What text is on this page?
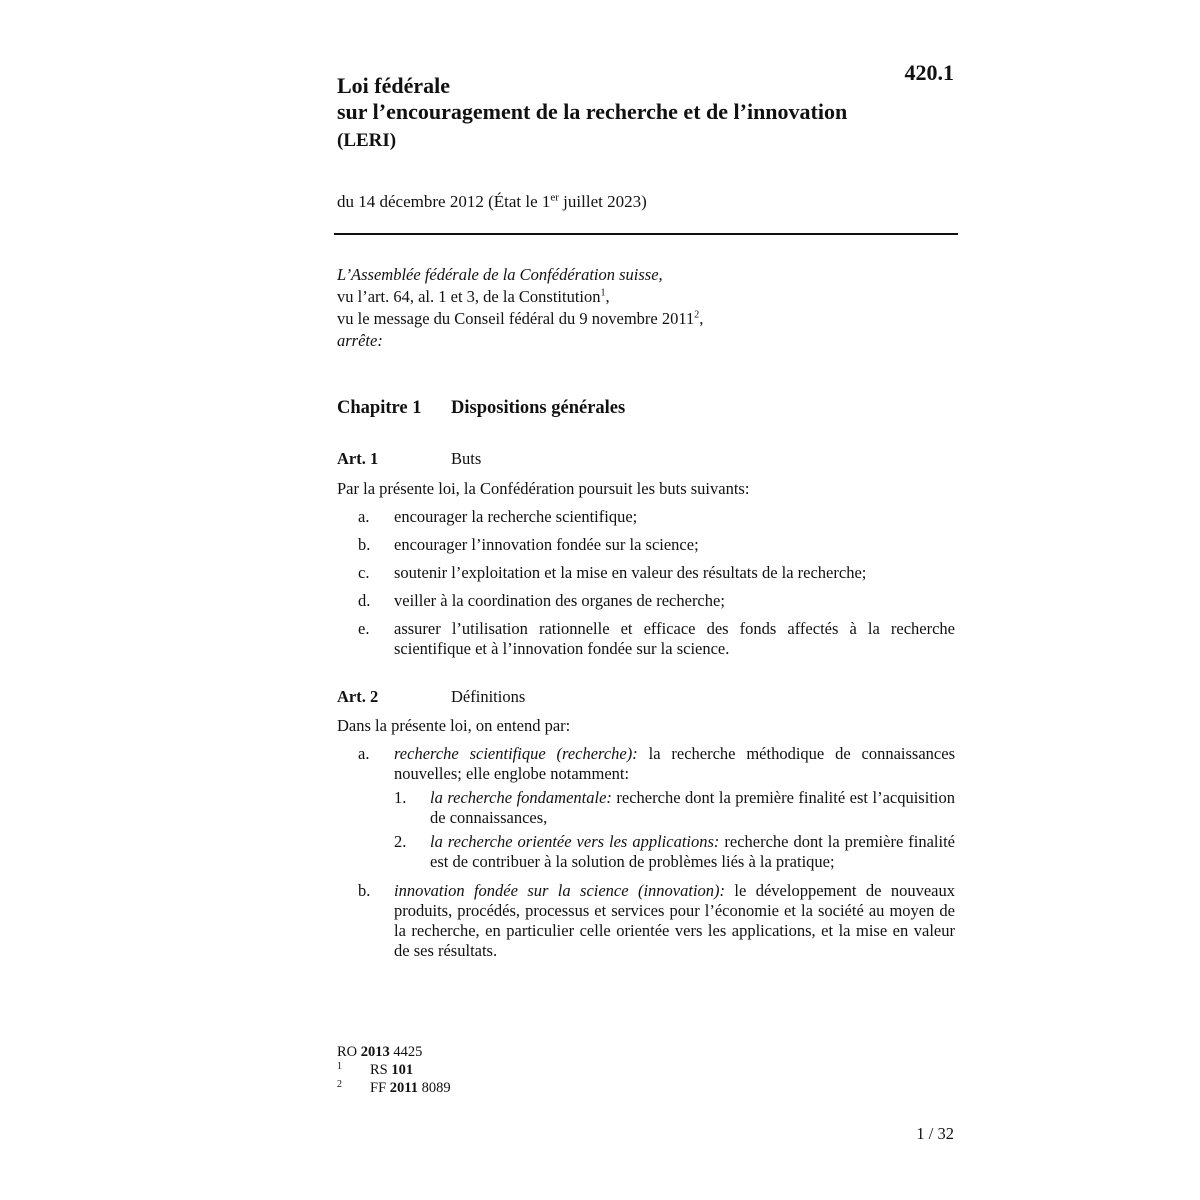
420.1
Loi fédérale
sur l’encouragement de la recherche et de l’innovation
(LERI)
du 14 décembre 2012 (État le 1er juillet 2023)
L’Assemblée fédérale de la Confédération suisse,
vu l’art. 64, al. 1 et 3, de la Constitution$^1$,
vu le message du Conseil fédéral du 9 novembre 2011$^2$,
arrête:
Chapitre 1 Dispositions générales
Art. 1	Buts
Par la présente loi, la Confédération poursuit les buts suivants:
a. encourager la recherche scientifique;
b. encourager l’innovation fondée sur la science;
c. soutenir l’exploitation et la mise en valeur des résultats de la recherche;
d. veiller à la coordination des organes de recherche;
e. assurer l’utilisation rationnelle et efficace des fonds affectés à la recherche scientifique et à l’innovation fondée sur la science.
Art. 2	Définitions
Dans la présente loi, on entend par:
a. recherche scientifique (recherche): la recherche méthodique de connaissances nouvelles; elle englobe notamment:
1. la recherche fondamentale: recherche dont la première finalité est l’acquisition de connaissances,
2. la recherche orientée vers les applications: recherche dont la première finalité est de contribuer à la solution de problèmes liés à la pratique;
b. innovation fondée sur la science (innovation): le développement de nouveaux produits, procédés, processus et services pour l’économie et la société au moyen de la recherche, en particulier celle orientée vers les applications, et la mise en valeur de ses résultats.
RO 2013 4425
1 RS 101
2 FF 2011 8089
1 / 32
